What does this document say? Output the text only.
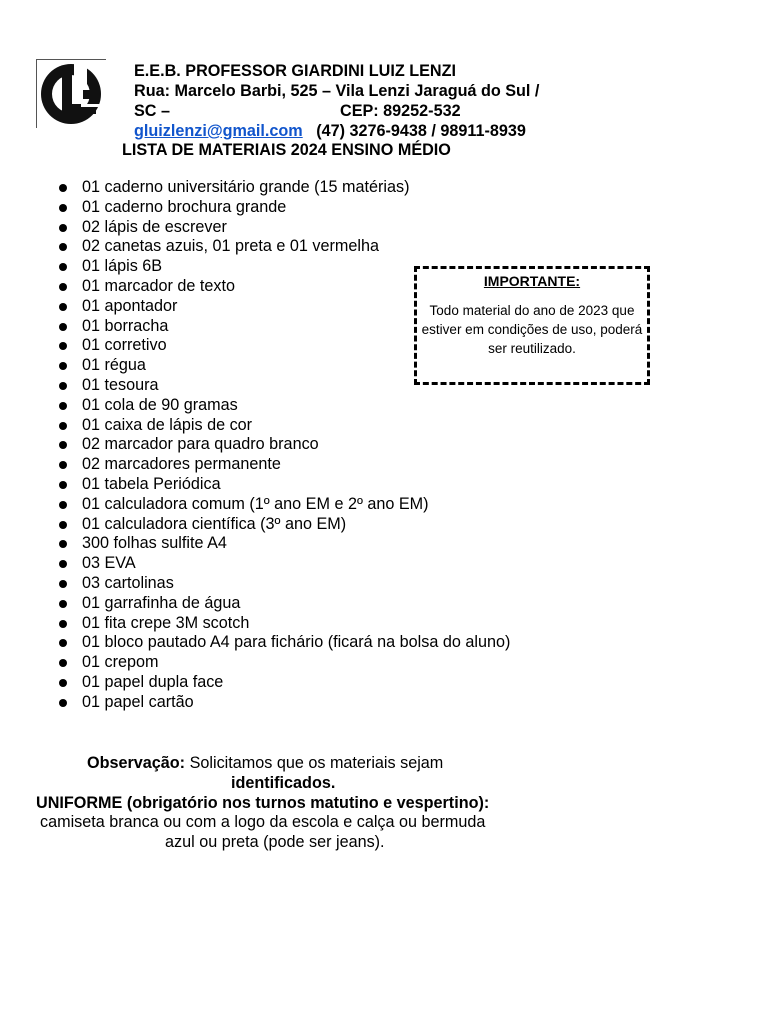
E.E.B. PROFESSOR GIARDINI LUIZ LENZI
Rua: Marcelo Barbi, 525 – Vila Lenzi Jaraguá do Sul /
SC –	CEP: 89252-532
gluizlenzi@gmail.com (47) 3276-9438 / 98911-8939
LISTA DE MATERIAIS 2024 ENSINO MÉDIO
01 caderno universitário grande (15 matérias)
01 caderno brochura grande
02 lápis de escrever
02 canetas azuis, 01 preta e 01 vermelha
01 lápis 6B
01 marcador de texto
01 apontador
01 borracha
01 corretivo
01 régua
01 tesoura
01 cola de 90 gramas
01 caixa de lápis de cor
02 marcador para quadro branco
02 marcadores permanente
01 tabela Periódica
01 calculadora comum (1º ano EM e 2º ano EM)
01 calculadora científica (3º ano EM)
300 folhas sulfite A4
03 EVA
03 cartolinas
01 garrafinha de água
01 fita crepe 3M scotch
01 bloco pautado A4 para fichário (ficará na bolsa do aluno)
01 crepom
01 papel dupla face
01 papel cartão
IMPORTANTE:
Todo material do ano de 2023 que estiver em condições de uso, poderá ser reutilizado.
Observação: Solicitamos que os materiais sejam
identificados.
UNIFORME (obrigatório nos turnos matutino e vespertino):
camiseta branca ou com a logo da escola e calça ou bermuda
azul ou preta (pode ser jeans).
